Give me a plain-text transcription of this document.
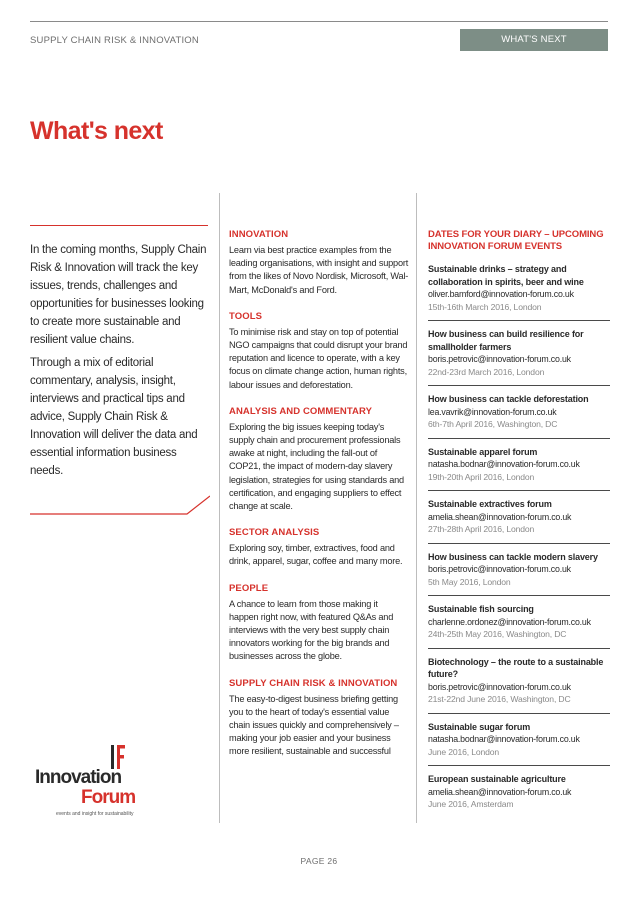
SUPPLY CHAIN RISK & INNOVATION	WHAT'S NEXT
What's next

In the coming months, Supply Chain Risk & Innovation will track the key issues, trends, challenges and opportunities for businesses looking to create more sustainable and resilient value chains.

Through a mix of editorial commentary, analysis, insight, interviews and practical tips and advice, Supply Chain Risk & Innovation will deliver the data and essential information business needs.

Innovation
Forum
events and insight for sustainability
INNOVATION
Learn via best practice examples from the leading organisations, with insight and support from the likes of Novo Nordisk, Microsoft, Wal-Mart, McDonald's and Ford.
TOOLS
To minimise risk and stay on top of potential NGO campaigns that could disrupt your brand reputation and licence to operate, with a key focus on climate change action, human rights, labour issues and deforestation.
ANALYSIS AND COMMENTARY
Exploring the big issues keeping today's supply chain and procurement professionals awake at night, including the fall-out of COP21, the impact of modern-day slavery legislation, strategies for using standards and certification, and engaging suppliers to effect change at scale.
SECTOR ANALYSIS
Exploring soy, timber, extractives, food and drink, apparel, sugar, coffee and many more.
PEOPLE
A chance to learn from those making it happen right now, with featured Q&As and interviews with the very best supply chain innovators working for the big brands and businesses across the globe.
SUPPLY CHAIN RISK & INNOVATION
The easy-to-digest business briefing getting you to the heart of today's essential value chain issues quickly and comprehensively – making your job easier and your business more resilient, sustainable and successful
DATES FOR YOUR DIARY – UPCOMING INNOVATION FORUM EVENTS
Sustainable drinks – strategy and collaboration in spirits, beer and wine
oliver.bamford@innovation-forum.co.uk
15th-16th March 2016, London
How business can build resilience for smallholder farmers
boris.petrovic@innovation-forum.co.uk
22nd-23rd March 2016, London
How business can tackle deforestation
lea.vavrik@innovation-forum.co.uk
6th-7th April 2016, Washington, DC
Sustainable apparel forum
natasha.bodnar@innovation-forum.co.uk
19th-20th April 2016, London
Sustainable extractives forum
amelia.shean@innovation-forum.co.uk
27th-28th April 2016, London
How business can tackle modern slavery
boris.petrovic@innovation-forum.co.uk
5th May 2016, London
Sustainable fish sourcing
charlenne.ordonez@innovation-forum.co.uk
24th-25th May 2016, Washington, DC
Biotechnology – the route to a sustainable future?
boris.petrovic@innovation-forum.co.uk
21st-22nd June 2016, Washington, DC
Sustainable sugar forum
natasha.bodnar@innovation-forum.co.uk
June 2016, London
European sustainable agriculture
amelia.shean@innovation-forum.co.uk
June 2016, Amsterdam
PAGE 26
